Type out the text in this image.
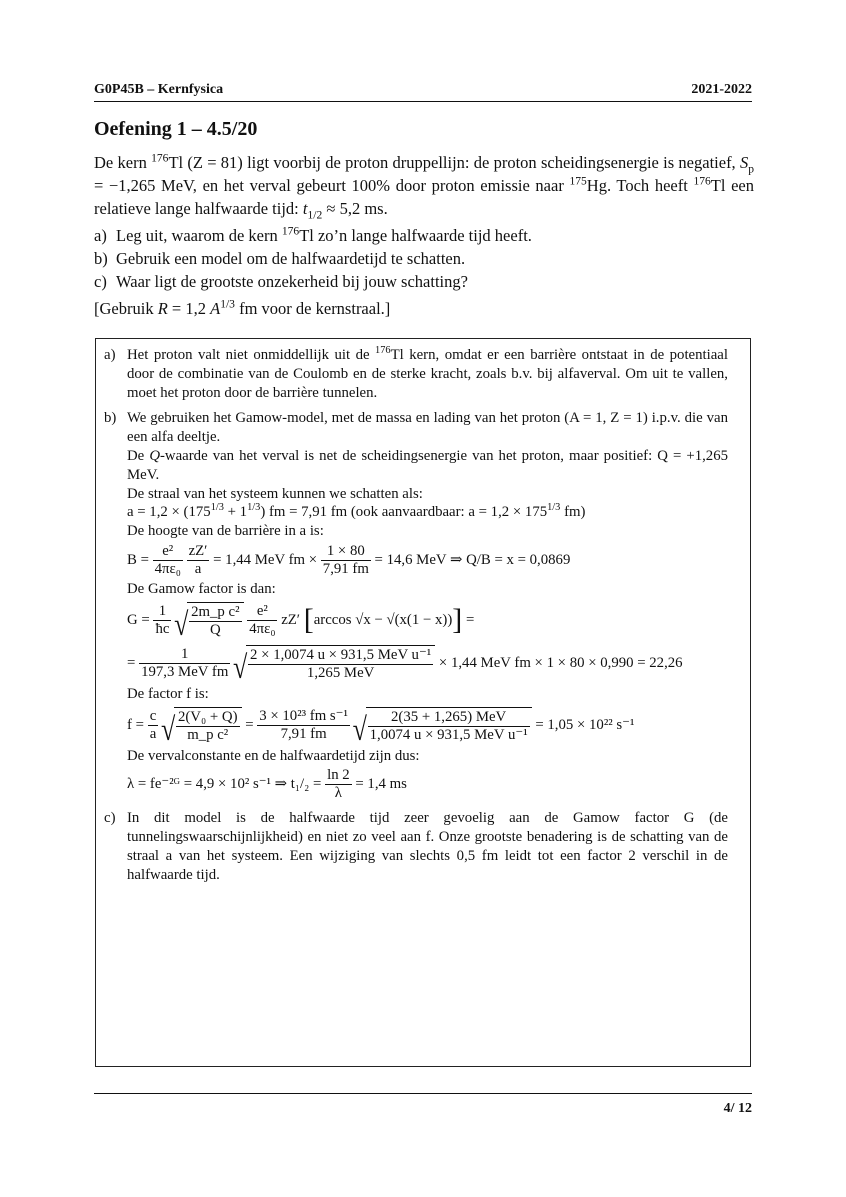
G0P45B – Kernfysica	2021-2022
Oefening 1 – 4.5/20

De kern $^{176}$Tl (Z = 81) ligt voorbij de proton druppellijn: de proton scheidingsenergie is negatief, $S_p = -1,265$ MeV, en het verval gebeurt 100% door proton emissie naar $^{175}$Hg. Toch heeft $^{176}$Tl een relatieve lange halfwaarde tijd: $t_{1/2} \approx 5,2$ ms.

a) Leg uit, waarom de kern $^{176}$Tl zo’n lange halfwaarde tijd heeft.

b) Gebruik een model om de halfwaardetijd te schatten.

c) Waar ligt de grootste onzekerheid bij jouw schatting?

[Gebruik R = 1,2 $A^{1/3}$ fm voor de kernstraal.]

a) Het proton valt niet onmiddellijk uit de $^{176}$Tl kern, omdat er een barrière ontstaat in de potentiaal door de combinatie van de Coulomb en de sterke kracht, zoals b.v. bij alfaverval. Om uit te vallen, moet het proton door de barrière tunnelen.

b) We gebruiken het Gamow-model, met de massa en lading van het proton (A = 1, Z = 1) i.p.v. die van een alfa deeltje.

De Q-waarde van het verval is net de scheidingsenergie van het proton, maar positief: Q = +1,265 MeV.

De straal van het systeem kunnen we schatten als:

$a = 1,2 \times (175^{1/3} + 1^{1/3})$ fm = 7,91 fm (ook aanvaardbaar: $a = 1,2 \times 175^{1/3}$ fm)

De hoogte van de barrière in a is:

$B = \frac{\text{e²}}{\text{4πε₀}}$
$\frac{zZ'}{a} = 1,44$ MeV fm × $\frac{1 \times 80}{7,91 fm} = 14,6$ MeV ⇒ Q/B = x = 0,0869

De Gamow factor is dan:

$G = \frac{1}{ħc}$
√ $\frac{\text{2m\_p c²}}{Q}$
$\frac{\text{e²}}{\text{4πε₀}} zZ'$ [arccos √x − √(x(1 − x))] =

= $\frac{1}{\text{197,3 MeV fm}}$
√ $\frac{\text{2 × 1,0074 u × 931,5 MeV u⁻¹}}{\text{1,265 MeV}} \times 1,44$ MeV fm × 1 × 80 × 0,990 = 22,26

De factor f is:

$f = \frac{c}{a}$
√ $\frac{\text{2(V₀ + Q)}}{\text{m\_p c²}} = \frac{\text{3 × 10²³ fm s⁻¹}}{7,91 fm}$
√ $\frac{\text{2(35 + 1,265) MeV}}{\text{1,0074 u × 931,5 MeV u⁻¹}} = 1,05 \times 10^{22}$ s⁻¹

De vervalconstante en de halfwaardetijd zijn dus:

λ = fe⁻²ᴳ = 4,9 × 10² s⁻¹ ⇒ $t_1/_2 = \frac{\ln 2}{\lambda} = 1,4$ ms

c) In dit model is de halfwaarde tijd zeer gevoelig aan de Gamow factor G (de tunnelingswaarschijnlijkheid) en niet zo veel aan f. Onze grootste benadering is de schatting van de straal a van het systeem. Een wijziging van slechts 0,5 fm leidt tot een factor 2 verschil in de halfwaarde tijd.

4/ 12
